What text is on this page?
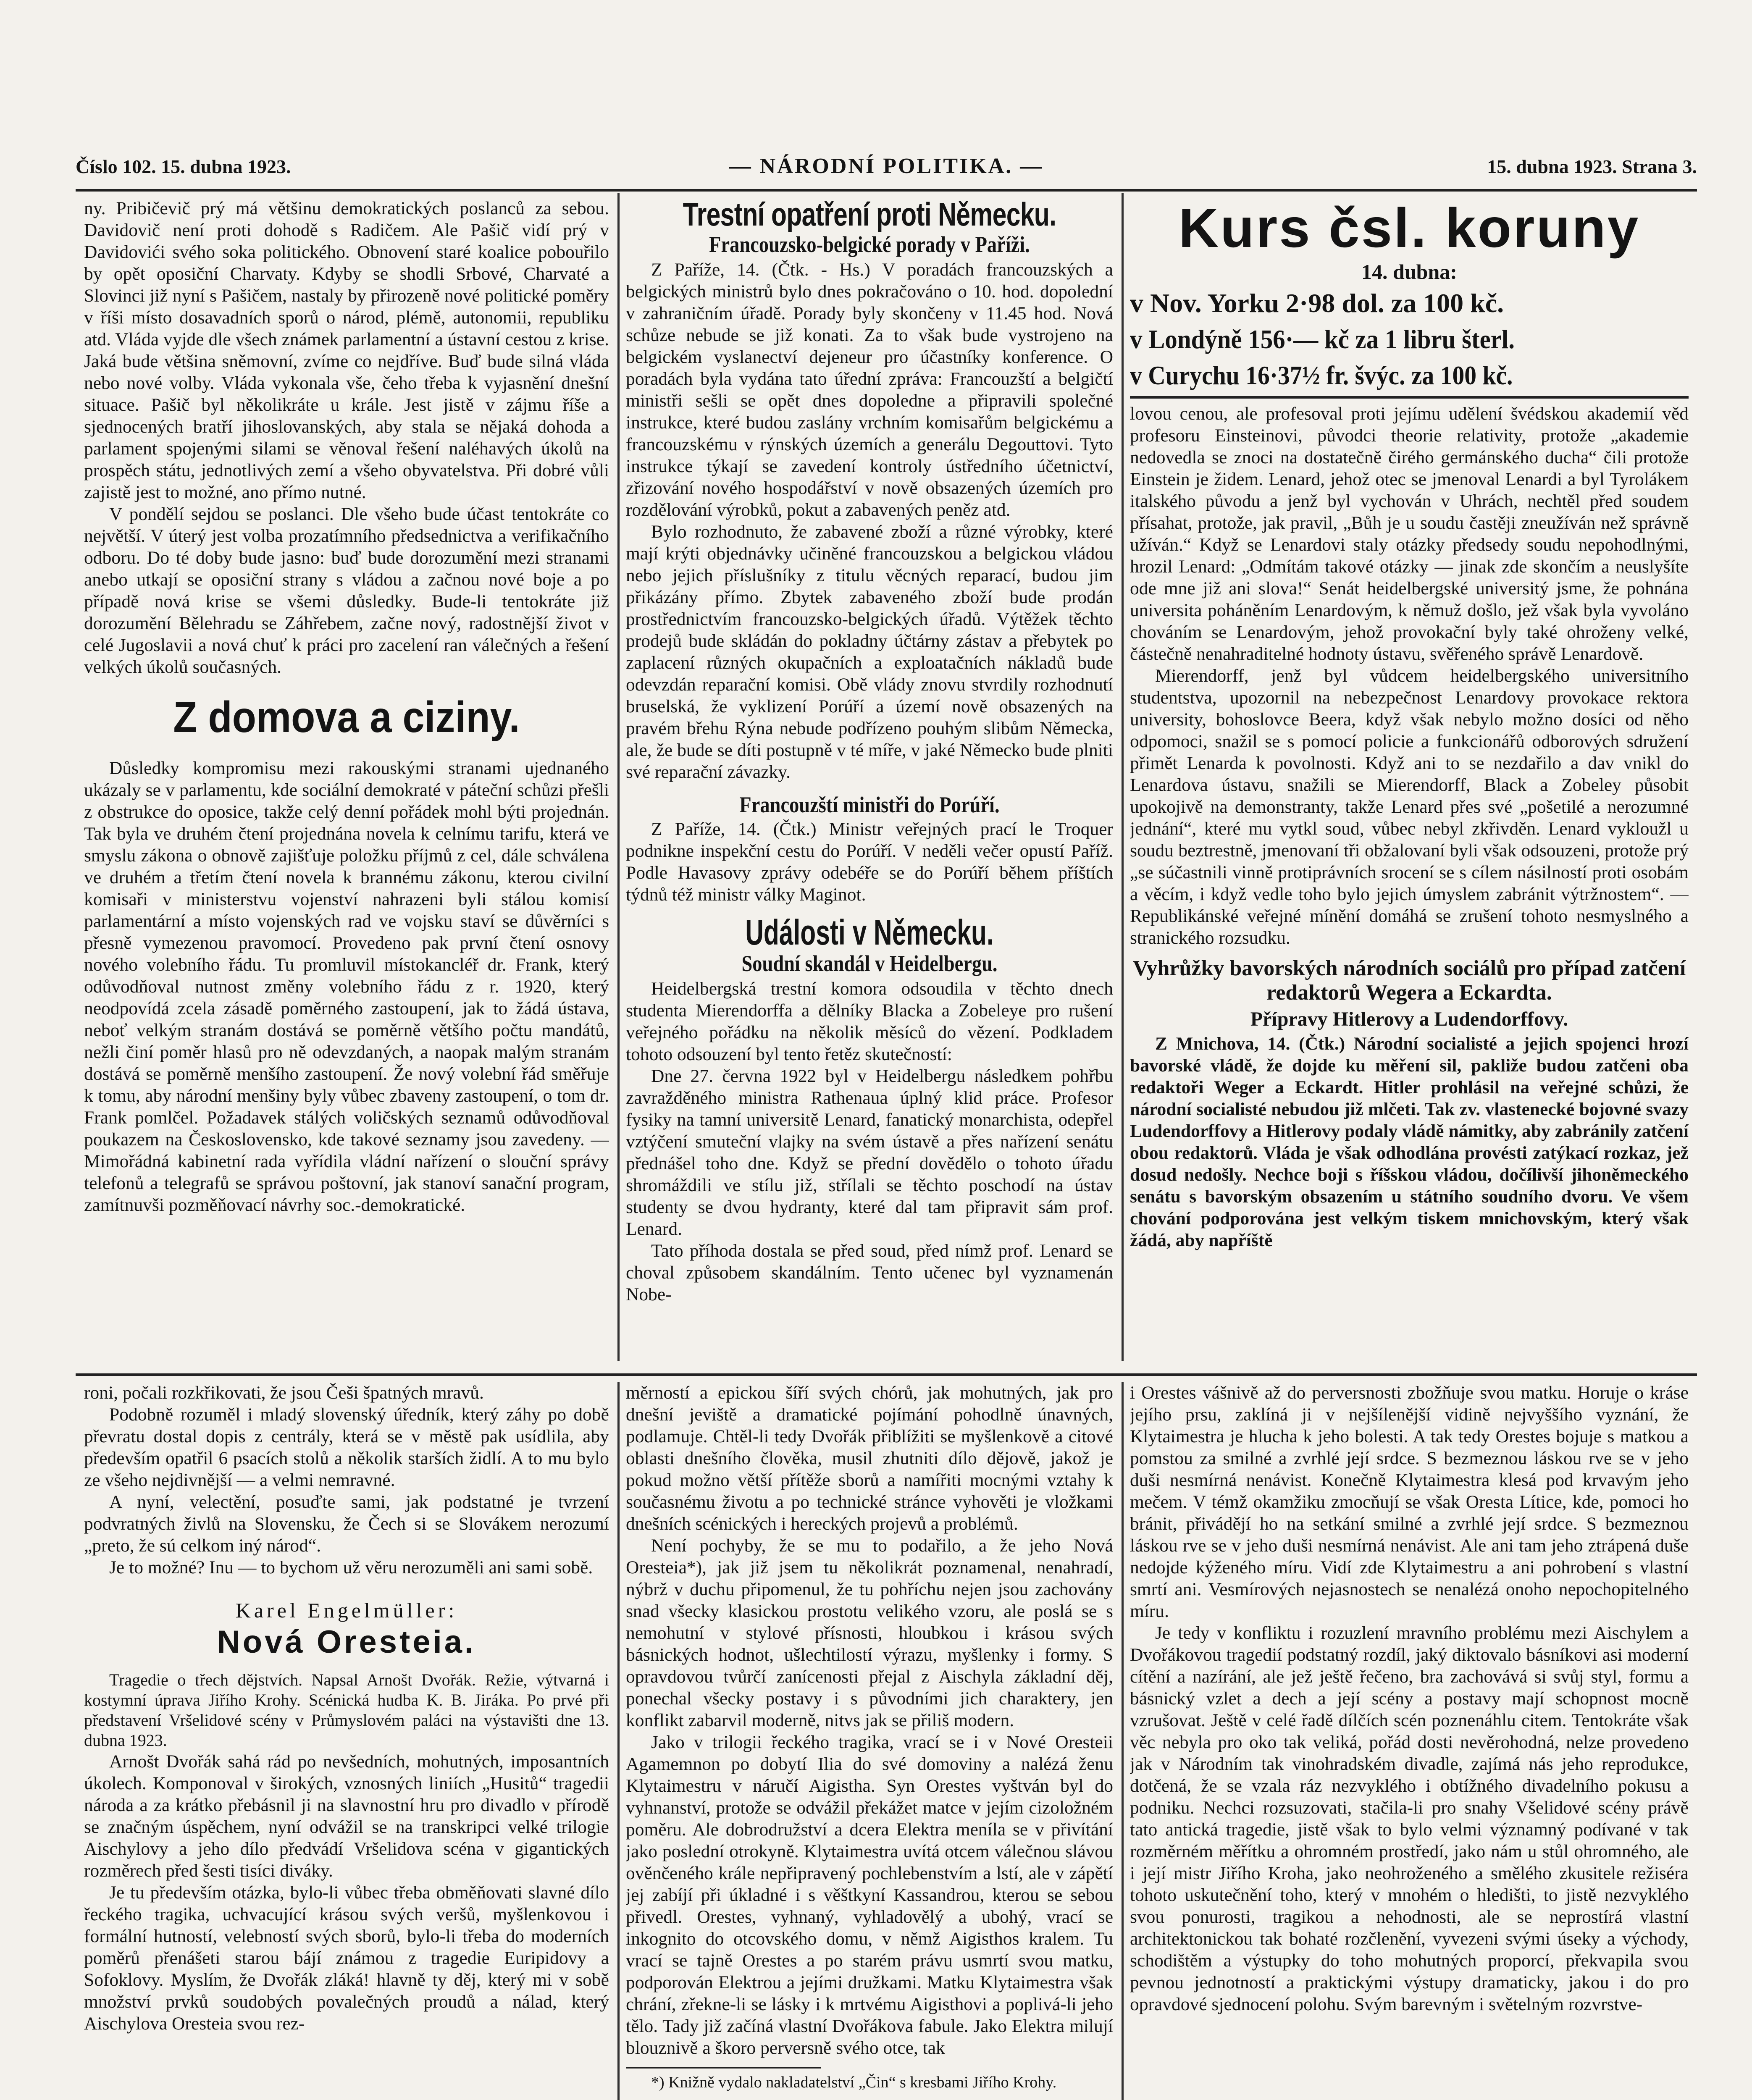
Číslo 102. 15. dubna 1923.	— NÁRODNÍ POLITIKA. —	15. dubna 1923. Strana 3.

ny. Pribičevič prý má většinu demokratických poslanců za sebou. Davidovič není proti dohodě s Radičem. Ale Pašič vidí prý v Davidovići svého soka politického. Obnovení staré koalice pobouřilo by opět oposiční Charvaty. Kdyby se shodli Srbové, Charvaté a Slovinci již nyní s Pašičem, nastaly by přirozeně nové politické poměry v říši místo dosavadních sporů o národ, plémě, autonomii, republiku atd. Vláda vyjde dle všech známek parlamentní a ústavní cestou z krise. Jaká bude většina sněmovní, zvíme co nejdříve. Buď bude silná vláda nebo nové volby. Vláda vykonala vše, čeho třeba k vyjasnění dnešní situace. Pašič byl několikráte u krále. Jest jistě v zájmu říše a sjednocených bratří jihoslovanských, aby stala se nějaká dohoda a parlament spojenými silami se věnoval řešení naléhavých úkolů na prospěch státu, jednotlivých zemí a všeho obyvatelstva. Při dobré vůli zajistě jest to možné, ano přímo nutné.

V pondělí sejdou se poslanci. Dle všeho bude účast tentokráte co největší. V úterý jest volba prozatímního předsednictva a verifikačního odboru. Do té doby bude jasno: buď bude dorozumění mezi stranami anebo utkají se oposiční strany s vládou a začnou nové boje a po případě nová krise se všemi důsledky. Bude-li tentokráte již dorozumění Bělehradu se Záhřebem, začne nový, radostnější život v celé Jugoslavii a nová chuť k práci pro zacelení ran válečných a řešení velkých úkolů současných.

Z domova a ciziny.

Důsledky kompromisu mezi rakouskými stranami ujednaného ukázaly se v parlamentu, kde sociální demokraté v páteční schůzi přešli z obstrukce do oposice, takže celý denní pořádek mohl býti projednán. Tak byla ve druhém čtení projednána novela k celnímu tarifu, která ve smyslu zákona o obnově zajišťuje položku příjmů z cel, dále schválena ve druhém a třetím čtení novela k brannému zákonu, kterou civilní komisaři v ministerstvu vojenství nahrazeni byli stálou komisí parlamentární a místo vojenských rad ve vojsku staví se důvěrníci s přesně vymezenou pravomocí. Provedeno pak první čtení osnovy nového volebního řádu. Tu promluvil místokancléř dr. Frank, který odůvodňoval nutnost změny volebního řádu z r. 1920, který neodpovídá zcela zásadě poměrného zastoupení, jak to žádá ústava, neboť velkým stranám dostává se poměrně většího počtu mandátů, nežli činí poměr hlasů pro ně odevzdaných, a naopak malým stranám dostává se poměrně menšího zastoupení. Že nový volební řád směřuje k tomu, aby národní menšiny byly vůbec zbaveny zastoupení, o tom dr. Frank pomlčel. Požadavek stálých voličských seznamů odůvodňoval poukazem na Československo, kde takové seznamy jsou zavedeny. — Mimořádná kabinetní rada vyřídila vládní nařízení o slouční správy telefonů a telegrafů se správou poštovní, jak stanoví sanační program, zamítnuvši pozměňovací návrhy soc.-demokratické.

Trestní opatření proti Německu.
Francouzsko-belgické porady v Paříži.

Z Paříže, 14. (Čtk. - Hs.) V poradách francouzských a belgických ministrů bylo dnes pokračováno o 10. hod. dopolední v zahraničním úřadě. Porady byly skončeny v 11.45 hod. Nová schůze nebude se již konati. Za to však bude vystrojeno na belgickém vyslanectví dejeneur pro účastníky konference. O poradách byla vydána tato úřední zpráva: Francouzští a belgičtí ministři sešli se opět dnes dopoledne a připravili společné instrukce, které budou zaslány vrchním komisařům belgickému a francouzskému v rýnských územích a generálu Degouttovi. Tyto instrukce týkají se zavedení kontroly ústředního účetnictví, zřizování nového hospodářství v nově obsazených územích pro rozdělování výrobků, pokut a zabavených peněz atd.

Bylo rozhodnuto, že zabavené zboží a různé výrobky, které mají krýti objednávky učiněné francouzskou a belgickou vládou nebo jejich příslušníky z titulu věcných reparací, budou jim přikázány přímo. Zbytek zabaveného zboží bude prodán prostřednictvím francouzsko-belgických úřadů. Výtěžek těchto prodejů bude skládán do pokladny účtárny zástav a přebytek po zaplacení různých okupačních a exploatačních nákladů bude odevzdán reparační komisi. Obě vlády znovu stvrdily rozhodnutí bruselská, že vyklizení Porúří a území nově obsazených na pravém břehu Rýna nebude podřízeno pouhým slibům Německa, ale, že bude se díti postupně v té míře, v jaké Německo bude plniti své reparační závazky.

Francouzští ministři do Porúří.

Z Paříže, 14. (Čtk.) Ministr veřejných prací le Troquer podnikne inspekční cestu do Porúří. V neděli večer opustí Paříž. Podle Havasovy zprávy odebéře se do Porúří během příštích týdnů též ministr války Maginot.

Události v Německu.
Soudní skandál v Heidelbergu.

Heidelbergská trestní komora odsoudila v těchto dnech studenta Mierendorffa a dělníky Blacka a Zobeleye pro rušení veřejného pořádku na několik měsíců do vězení. Podkladem tohoto odsouzení byl tento řetěz skutečností:

Dne 27. června 1922 byl v Heidelbergu následkem pohřbu zavražděného ministra Rathenaua úplný klid práce. Profesor fysiky na tamní universitě Lenard, fanatický monarchista, odepřel vztýčení smuteční vlajky na svém ústavě a přes nařízení senátu přednášel toho dne. Když se přední dovědělo o tohoto úřadu shromáždili ve stílu již, střílali se těchto poschodí na ústav studenty se dvou hydranty, které dal tam připravit sám prof. Lenard.

Tato příhoda dostala se před soud, před nímž prof. Lenard se choval způsobem skandálním. Tento učenec byl vyznamenán Nobe-

Kurs čsl. koruny
14. dubna:
v Nov. Yorku 2·98 dol. za 100 kč.
v Londýně 156·— kč za 1 libru šterl.
v Curychu 16·37½ fr. švýc. za 100 kč.

lovou cenou, ale profesoval proti jejímu udělení švédskou akademií věd profesoru Einsteinovi, původci theorie relativity, protože „akademie nedovedla se znoci na dostatečně čirého germánského ducha“ čili protože Einstein je židem. Lenard, jehož otec se jmenoval Lenardi a byl Tyrolákem italského původu a jenž byl vychován v Uhrách, nechtěl před soudem přísahat, protože, jak pravil, „Bůh je u soudu častěji zneužíván než správně užíván.“ Když se Lenardovi staly otázky předsedy soudu nepohodlnými, hrozil Lenard: „Odmítám takové otázky — jinak zde skončím a neuslyšíte ode mne již ani slova!“ Senát heidelbergské universitý jsme, že pohnána universita poháněním Lenardovým, k němuž došlo, jež však byla vyvoláno chováním se Lenardovým, jehož provokační byly také ohroženy velké, částečně nenahraditelné hodnoty ústavu, svěřeného správě Lenardově.

Mierendorff, jenž byl vůdcem heidelbergského universitního studentstva, upozornil na nebezpečnost Lenardovy provokace rektora university, bohoslovce Beera, když však nebylo možno dosíci od něho odpomoci, snažil se s pomocí policie a funkcionářů odborových sdružení přimět Lenarda k povolnosti. Když ani to se nezdařilo a dav vnikl do Lenardova ústavu, snažili se Mierendorff, Black a Zobeley působit upokojivě na demonstranty, takže Lenard přes své „pošetilé a nerozumné jednání“, které mu vytkl soud, vůbec nebyl zkřivděn. Lenard vykloužl u soudu beztrestně, jmenovaní tři obžalovaní byli však odsouzeni, protože prý „se súčastnili vinně protiprávních srocení se s cílem násilností proti osobám a věcím, i když vedle toho bylo jejich úmyslem zabránit výtržnostem“. — Republikánské veřejné mínění domáhá se zrušení tohoto nesmyslného a stranického rozsudku.

Vyhrůžky bavorských národních sociálů pro případ zatčení redaktorů Wegera a Eckardta.
Přípravy Hitlerovy a Ludendorffovy.

Z Mnichova, 14. (Čtk.) Národní socialisté a jejich spojenci hrozí bavorské vládě, že dojde ku měření sil, pakliže budou zatčeni oba redaktoři Weger a Eckardt. Hitler prohlásil na veřejné schůzi, že národní socialisté nebudou již mlčeti. Tak zv. vlastenecké bojovné svazy Ludendorffovy a Hitlerovy podaly vládě námitky, aby zabránily zatčení obou redaktorů. Vláda je však odhodlána provésti zatýkací rozkaz, jež dosud nedošly. Nechce boji s říšskou vládou, dočílivší jihoněmeckého senátu s bavorským obsazením u státního soudního dvoru. Ve všem chování podporována jest velkým tiskem mnichovským, který však žádá, aby napříště

roni, počali rozkřikovati, že jsou Češi špatných mravů.

Podobně rozuměl i mladý slovenský úředník, který záhy po době převratu dostal dopis z centrály, která se v městě pak usídlila, aby především opatřil 6 psacích stolů a několik starších židlí. A to mu bylo ze všeho nejdivnější — a velmi nemravné.

A nyní, velectění, posuďte sami, jak podstatné je tvrzení podvratných živlů na Slovensku, že Čech si se Slovákem nerozumí „preto, že sú celkom iný národ“.

Je to možné? Inu — to bychom už věru nerozuměli ani sami sobě.

Karel Engelmüller:
Nová Oresteia.

Tragedie o třech dějstvích. Napsal Arnošt Dvořák. Režie, výtvarná i kostymní úprava Jiřího Krohy. Scénická hudba K. B. Jiráka. Po prvé při představení Vršelidové scény v Průmyslovém paláci na výstavišti dne 13. dubna 1923.

Arnošt Dvořák sahá rád po nevšedních, mohutných, imposantních úkolech. Komponoval v širokých, vznosných liniích „Husitů“ tragedii národa a za krátko přebásnil ji na slavnostní hru pro divadlo v přírodě se značným úspěchem, nyní odvážil se na transkripci velké trilogie Aischylovy a jeho dílo předvádí Vršelidova scéna v gigantických rozměrech před šesti tisíci diváky.

Je tu především otázka, bylo-li vůbec třeba obměňovati slavné dílo řeckého tragika, uchvacující krásou svých veršů, myšlenkovou i formální hutností, velebností svých sborů, bylo-li třeba do moderních poměrů přenášeti starou bájí známou z tragedie Euripidovy a Sofoklovy. Myslím, že Dvořák zláká! hlavně ty děj, který mi v sobě množství prvků soudobých povalečných proudů a nálad, který Aischylova Oresteia svou rez-

měrností a epickou šíří svých chórů, jak mohutných, jak pro dnešní jeviště a dramatické pojímání pohodlně únavných, podlamuje. Chtěl-li tedy Dvořák přiblížiti se myšlenkově a citové oblasti dnešního člověka, musil zhutniti dílo dějově, jakož je pokud možno větší přítěže sborů a namířiti mocnými vztahy k současnému životu a po technické stránce vyhověti je vložkami dnešních scénických i hereckých projevů a problémů.

Není pochyby, že se mu to podařilo, a že jeho Nová Oresteia*), jak již jsem tu několikrát poznamenal, nenahradí, nýbrž v duchu připomenul, že tu pohříchu nejen jsou zachovány snad všecky klasickou prostotu velikého vzoru, ale poslá se s nemohutní v stylové přísnosti, hloubkou i krásou svých básnických hodnot, ušlechtilostí výrazu, myšlenky i formy. S opravdovou tvůrčí zanícenosti přejal z Aischyla základní děj, ponechal všecky postavy i s původními jich charaktery, jen konflikt zabarvil moderně, nitvs jak se přiliš modern.

Jako v trilogii řeckého tragika, vrací se i v Nové Oresteii Agamemnon po dobytí Ilia do své domoviny a nalézá ženu Klytaimestru v náručí Aigistha. Syn Orestes vyštván byl do vyhnanství, protože se odvážil překážet matce v jejím cizoložném poměru. Ale dobrodružství a dcera Elektra meníla se v přivítání jako poslední otrokyně. Klytaimestra uvítá otcem válečnou slávou ověnčeného krále nepřipravený pochlebenstvím a lstí, ale v zápětí jej zabíjí při úkladné i s věštkyní Kassandrou, kterou se sebou přivedl. Orestes, vyhnaný, vyhladovělý a ubohý, vrací se inkognito do otcovského domu, v němž Aigisthos kralem. Tu vrací se tajně Orestes a po starém právu usmrtí svou matku, podporován Elektrou a jejími družkami. Matku Klytaimestra však chrání, zřekne-li se lásky i k mrtvému Aigisthovi a poplivá-li jeho tělo. Tady již začíná vlastní Dvořákova fabule. Jako Elektra milují blouznivě a škoro perversně svého otce, tak

*) Knižně vydalo nakladatelství „Čin“ s kresbami Jiřího Krohy.

i Orestes vášnivě až do perversnosti zbožňuje svou matku. Horuje o kráse jejího prsu, zaklíná ji v nejšílenější vidině nejvyššího vyznání, že Klytaimestra je hlucha k jeho bolesti. A tak tedy Orestes bojuje s matkou a pomstou za smilné a zvrhlé její srdce. S bezmeznou láskou rve se v jeho duši nesmírná nenávist. Konečně Klytaimestra klesá pod krvavým jeho mečem. V témž okamžiku zmocňují se však Oresta Lítice, kde, pomoci ho bránit, přivádějí ho na setkání smilné a zvrhlé její srdce. S bezmeznou láskou rve se v jeho duši nesmírná nenávist. Ale ani tam jeho ztrápená duše nedojde kýženého míru. Vidí zde Klytaimestru a ani pohrobení s vlastní smrtí ani. Vesmírových nejasnostech se nenalézá onoho nepochopitelného míru.

Je tedy v konfliktu i rozuzlení mravního problému mezi Aischylem a Dvořákovou tragedií podstatný rozdíl, jaký diktovalo básníkovi asi moderní cítění a nazírání, ale jež ještě řečeno, bra zachovává si svůj styl, formu a básnický vzlet a dech a její scény a postavy mají schopnost mocně vzrušovat. Ještě v celé řadě dílčích scén poznenáhlu citem. Tentokráte však věc nebyla pro oko tak veliká, pořád dosti nevěrohodná, nelze provedeno jak v Národním tak vinohradském divadle, zajímá nás jeho reprodukce, dotčená, že se vzala ráz nezvyklého i obtížného divadelního pokusu a podniku. Nechci rozsuzovati, stačila-li pro snahy Všelidové scény právě tato antická tragedie, jistě však to bylo velmi významný podívané v tak rozměrném měřítku a ohromném prostředí, jako nám u stůl ohromného, ale i její mistr Jiřího Kroha, jako neohroženého a smělého zkusitele režiséra tohoto uskutečnění toho, který v mnohém o hledišti, to jistě nezvyklého svou ponurosti, tragikou a nehodnosti, ale se neprostírá vlastní architektonickou tak bohaté rozčlenění, vyvezeni svými úseky a východy, schodištěm a výstupky do toho mohutných proporcí, překvapila svou pevnou jednotností a praktickými výstupy dramaticky, jakou i do pro opravdové sjednocení polohu. Svým barevným i světelným rozvrstve-
